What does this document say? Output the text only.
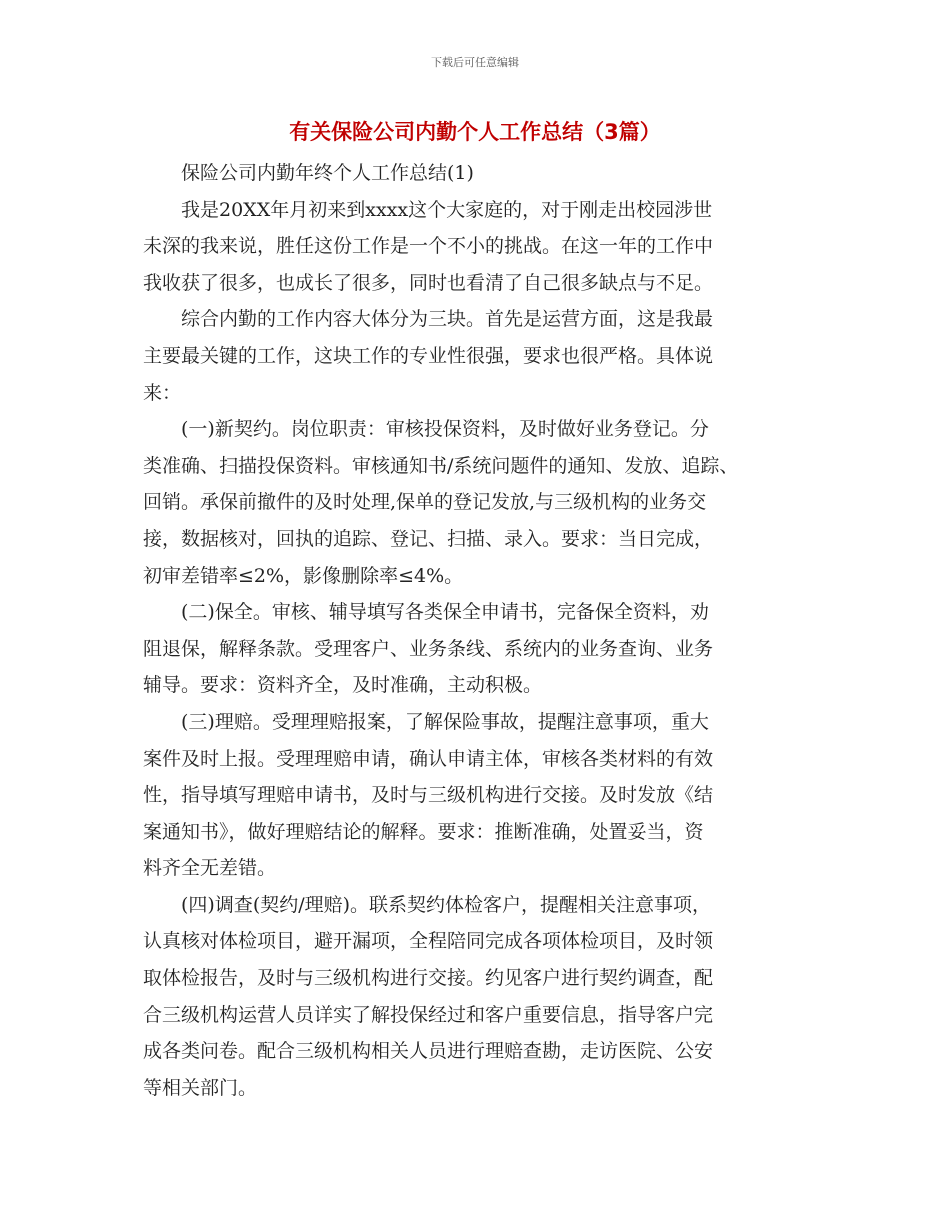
下载后可任意编辑
有关保险公司内勤个人工作总结（3篇）

保险公司内勤年终个人工作总结(1)

我是20XX年月初来到xxxx这个大家庭的，对于刚走出校园涉世
未深的我来说，胜任这份工作是一个不小的挑战。在这一年的工作中
我收获了很多，也成长了很多，同时也看清了自己很多缺点与不足。

综合内勤的工作内容大体分为三块。首先是运营方面，这是我最
主要最关键的工作，这块工作的专业性很强，要求也很严格。具体说
来：

(一)新契约。岗位职责：审核投保资料，及时做好业务登记。分
类准确、扫描投保资料。审核通知书/系统问题件的通知、发放、追踪、
回销。承保前撤件的及时处理,保单的登记发放,与三级机构的业务交
接，数据核对，回执的追踪、登记、扫描、录入。要求：当日完成，
初审差错率≤2%，影像删除率≤4%。

(二)保全。审核、辅导填写各类保全申请书，完备保全资料，劝
阻退保，解释条款。受理客户、业务条线、系统内的业务查询、业务
辅导。要求：资料齐全，及时准确，主动积极。

(三)理赔。受理理赔报案，了解保险事故，提醒注意事项，重大
案件及时上报。受理理赔申请，确认申请主体，审核各类材料的有效
性，指导填写理赔申请书，及时与三级机构进行交接。及时发放《结
案通知书》，做好理赔结论的解释。要求：推断准确，处置妥当，资
料齐全无差错。

(四)调查(契约/理赔)。联系契约体检客户，提醒相关注意事项，
认真核对体检项目，避开漏项，全程陪同完成各项体检项目，及时领
取体检报告，及时与三级机构进行交接。约见客户进行契约调查，配
合三级机构运营人员详实了解投保经过和客户重要信息，指导客户完
成各类问卷。配合三级机构相关人员进行理赔查勘，走访医院、公安
等相关部门。
